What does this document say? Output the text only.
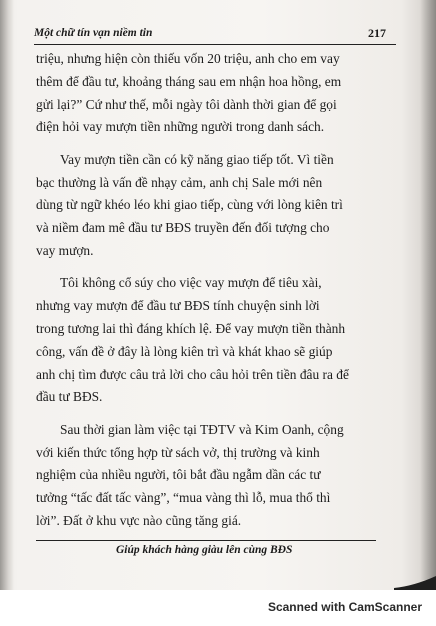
Một chữ tín vạn niềm tin	217
triệu, nhưng hiện còn thiếu vốn 20 triệu, anh cho em vay
thêm để đầu tư, khoảng tháng sau em nhận hoa hồng, em
gửi lại?” Cứ như thế, mỗi ngày tôi dành thời gian để gọi
điện hỏi vay mượn tiền những người trong danh sách.
Vay mượn tiền cần có kỹ năng giao tiếp tốt. Vì tiền
bạc thường là vấn đề nhạy cảm, anh chị Sale mới nên
dùng từ ngữ khéo léo khi giao tiếp, cùng với lòng kiên trì
và niềm đam mê đầu tư BĐS truyền đến đối tượng cho
vay mượn.
Tôi không cổ súy cho việc vay mượn để tiêu xài,
nhưng vay mượn để đầu tư BĐS tính chuyện sinh lời
trong tương lai thì đáng khích lệ. Để vay mượn tiền thành
công, vấn đề ở đây là lòng kiên trì và khát khao sẽ giúp
anh chị tìm được câu trả lời cho câu hỏi trên tiền đâu ra để
đầu tư BĐS.
Sau thời gian làm việc tại TĐTV và Kim Oanh, cộng
với kiến thức tổng hợp từ sách vở, thị trường và kinh
nghiệm của nhiều người, tôi bắt đầu ngẫm dần các tư
tưởng “tấc đất tấc vàng”, “mua vàng thì lỗ, mua thổ thì
lời”. Đất ở khu vực nào cũng tăng giá.
Giúp khách hàng giàu lên cùng BĐS
Scanned with CamScanner
